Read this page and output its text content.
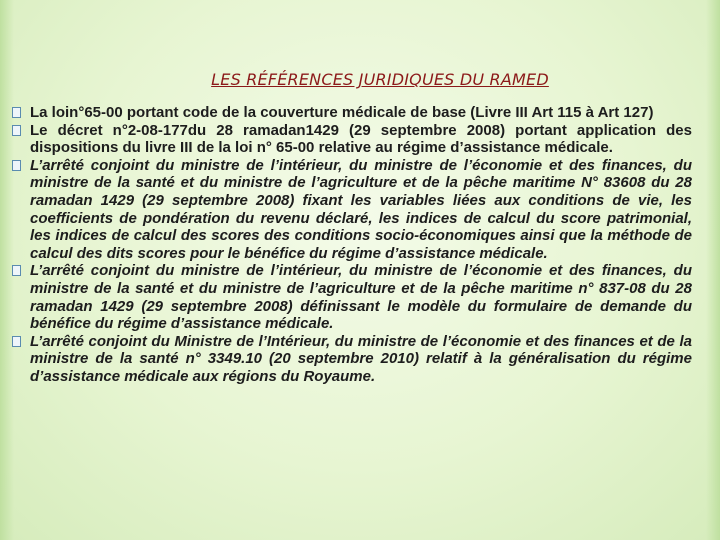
LES RÉFÉRENCES JURIDIQUES DU RAMED
La loin°65-00 portant code de la couverture médicale de base (Livre III Art 115 à Art 127)
Le décret n°2-08-177du 28 ramadan1429 (29 septembre 2008) portant application des dispositions du livre III de la loi n° 65-00 relative au régime d’assistance médicale.
L’arrêté conjoint du ministre de l’intérieur, du ministre de l’économie et des finances, du ministre de la santé et du ministre de l’agriculture et de la pêche maritime N° 83608 du 28 ramadan 1429 (29 septembre 2008) fixant les variables liées aux conditions de vie, les coefficients de pondération du revenu déclaré, les indices de calcul du score patrimonial, les indices de calcul des scores des conditions socio-économiques ainsi que la méthode de calcul des dits scores pour le bénéfice du régime d’assistance médicale.
L’arrêté conjoint du ministre de l’intérieur, du ministre de l’économie et des finances, du ministre de la santé et du ministre de l’agriculture et de la pêche maritime n° 837-08 du 28 ramadan 1429 (29 septembre 2008) définissant le modèle du formulaire de demande du bénéfice du régime d’assistance médicale.
L’arrêté conjoint du Ministre de l’Intérieur, du ministre de l’économie et des finances et de la ministre de la santé n° 3349.10 (20 septembre 2010) relatif à la généralisation du régime d’assistance médicale aux régions du Royaume.
